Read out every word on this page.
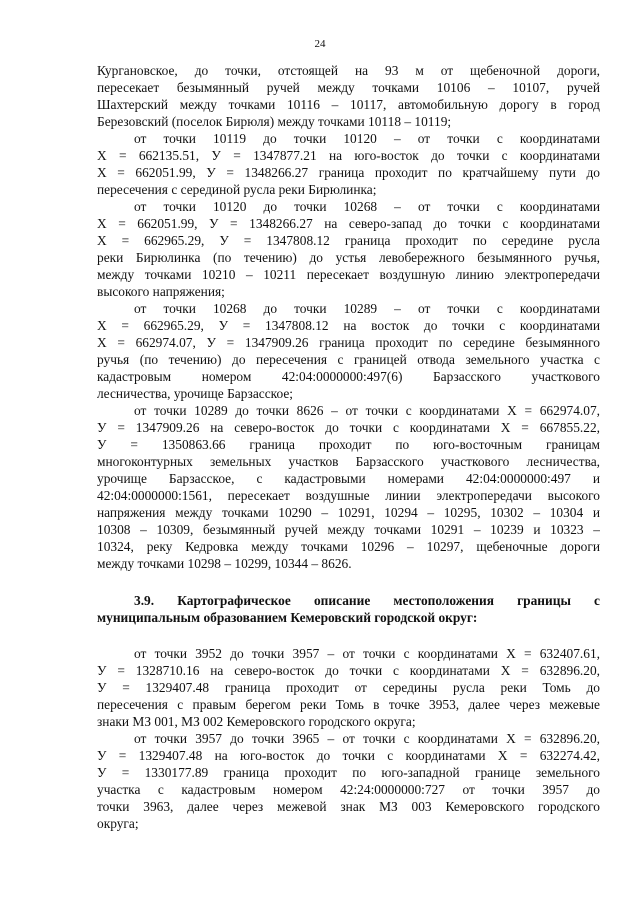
24
Кургановское, до точки, отстоящей на 93 м от щебеночной дороги,
пересекает безымянный ручей между точками 10106 – 10107, ручей
Шахтерский между точками 10116 – 10117, автомобильную дорогу в город
Березовский (поселок Бирюля) между точками 10118 – 10119;
от точки 10119 до точки 10120 – от точки с координатами
Х = 662135.51, У = 1347877.21 на юго-восток до точки с координатами
Х = 662051.99, У = 1348266.27 граница проходит по кратчайшему пути до
пересечения с серединой русла реки Бирюлинка;
от точки 10120 до точки 10268 – от точки с координатами
Х = 662051.99, У = 1348266.27 на северо-запад до точки с координатами
Х = 662965.29, У = 1347808.12 граница проходит по середине русла
реки Бирюлинка (по течению) до устья левобережного безымянного ручья,
между точками 10210 – 10211 пересекает воздушную линию электропередачи
высокого напряжения;
от точки 10268 до точки 10289 – от точки с координатами
Х = 662965.29, У = 1347808.12 на восток до точки с координатами
Х = 662974.07, У = 1347909.26 граница проходит по середине безымянного
ручья (по течению) до пересечения с границей отвода земельного участка с
кадастровым номером 42:04:0000000:497(6) Барзасского участкового
лесничества, урочище Барзасское;
от точки 10289 до точки 8626 – от точки с координатами Х = 662974.07,
У = 1347909.26 на северо-восток до точки с координатами Х = 667855.22,
У = 1350863.66 граница проходит по юго-восточным границам
многоконтурных земельных участков Барзасского участкового лесничества,
урочище Барзасское, с кадастровыми номерами 42:04:0000000:497 и
42:04:0000000:1561, пересекает воздушные линии электропередачи высокого
напряжения между точками 10290 – 10291, 10294 – 10295, 10302 – 10304 и
10308 – 10309, безымянный ручей между точками 10291 – 10239 и 10323 –
10324, реку Кедровка между точками 10296 – 10297, щебеночные дороги
между точками 10298 – 10299, 10344 – 8626.
3.9. Картографическое описание местоположения границы с
муниципальным образованием Кемеровский городской округ:
от точки 3952 до точки 3957 – от точки с координатами Х = 632407.61,
У = 1328710.16 на северо-восток до точки с координатами Х = 632896.20,
У = 1329407.48 граница проходит от середины русла реки Томь до
пересечения с правым берегом реки Томь в точке 3953, далее через межевые
знаки МЗ 001, МЗ 002 Кемеровского городского округа;
от точки 3957 до точки 3965 – от точки с координатами Х = 632896.20,
У = 1329407.48 на юго-восток до точки с координатами Х = 632274.42,
У = 1330177.89 граница проходит по юго-западной границе земельного
участка с кадастровым номером 42:24:0000000:727 от точки 3957 до
точки 3963, далее через межевой знак МЗ 003 Кемеровского городского
округа;
